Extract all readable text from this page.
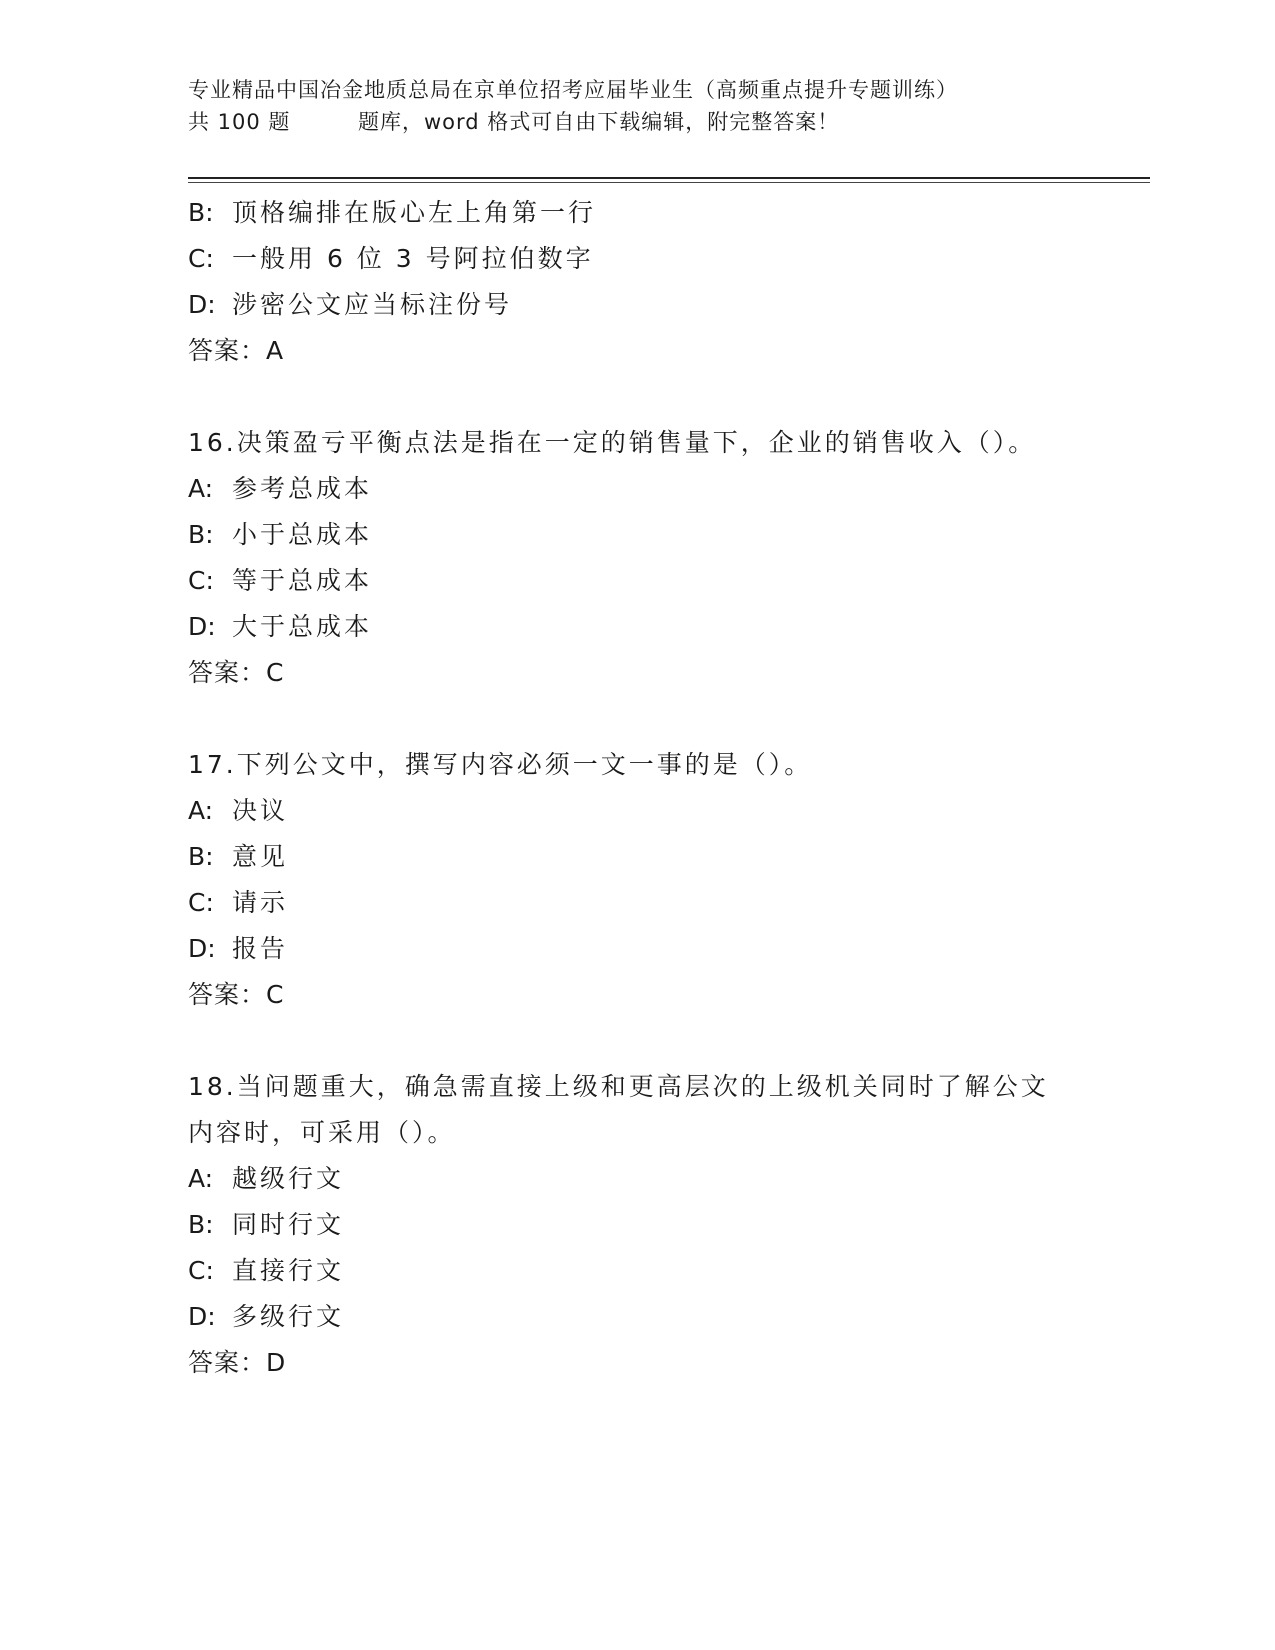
专业精品中国冶金地质总局在京单位招考应届毕业生（高频重点提升专题训练）
共 100 题	题库，word 格式可自由下载编辑，附完整答案！
B: 顶格编排在版心左上角第一行
C: 一般用 6 位 3 号阿拉伯数字
D: 涉密公文应当标注份号
答案：A
16.决策盈亏平衡点法是指在一定的销售量下，企业的销售收入（）。
A: 参考总成本
B: 小于总成本
C: 等于总成本
D: 大于总成本
答案：C
17.下列公文中，撰写内容必须一文一事的是（）。
A: 决议
B: 意见
C: 请示
D: 报告
答案：C
18.当问题重大，确急需直接上级和更高层次的上级机关同时了解公文
内容时，可采用（）。
A: 越级行文
B: 同时行文
C: 直接行文
D: 多级行文
答案：D
